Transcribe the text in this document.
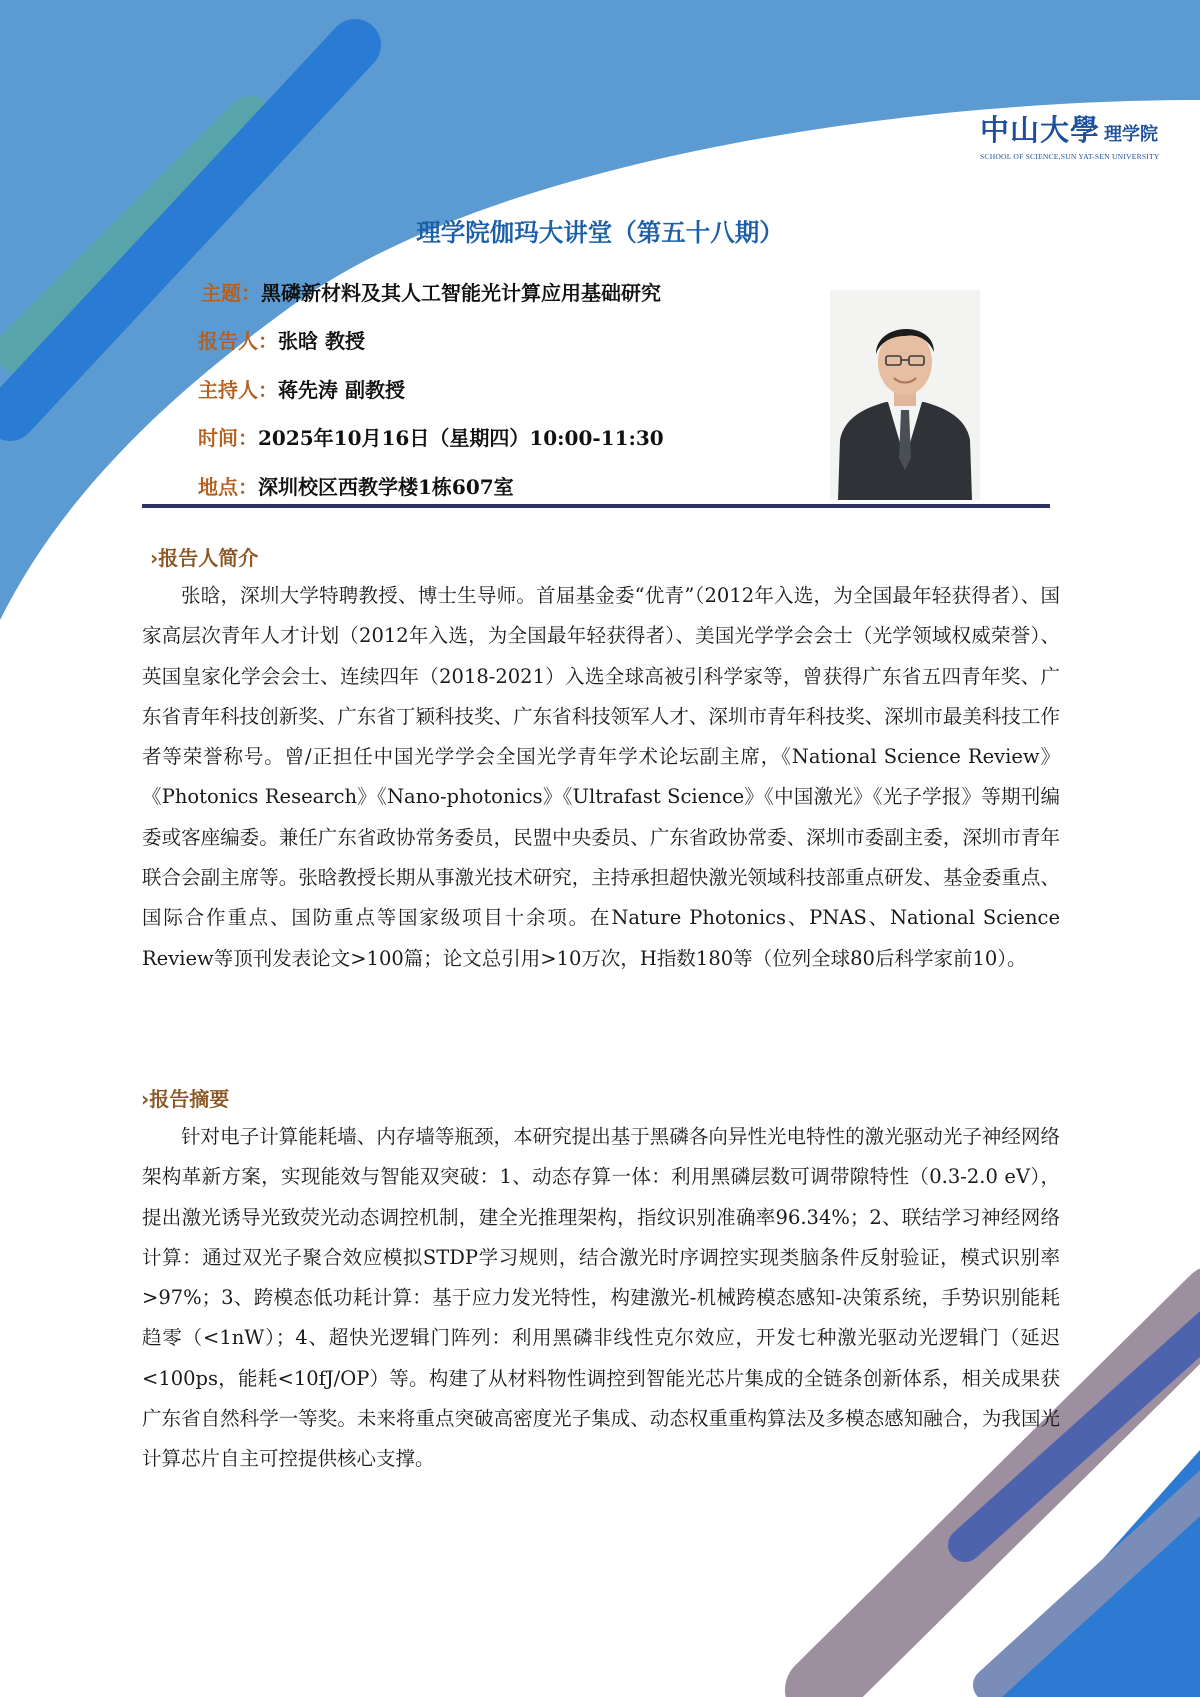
中山大學 理学院
SCHOOL OF SCIENCE,SUN YAT-SEN UNIVERSITY
理学院伽玛大讲堂（第五十八期）
主题：黑磷新材料及其人工智能光计算应用基础研究
报告人：张晗 教授
主持人：蒋先涛 副教授
时间：2025年10月16日（星期四）10:00-11:30
地点：深圳校区西教学楼1栋607室
›报告人简介

张晗，深圳大学特聘教授、博士生导师。首届基金委“优青”（2012年入选，为全国最年轻获得者）、国家高层次青年人才计划（2012年入选，为全国最年轻获得者）、美国光学学会会士（光学领域权威荣誉）、英国皇家化学会会士、连续四年（2018-2021）入选全球高被引科学家等，曾获得广东省五四青年奖、广东省青年科技创新奖、广东省丁颖科技奖、广东省科技领军人才、深圳市青年科技奖、深圳市最美科技工作者等荣誉称号。曾/正担任中国光学学会全国光学青年学术论坛副主席，《National Science Review》《Photonics Research》《Nano-photonics》《Ultrafast Science》《中国激光》《光子学报》等期刊编委或客座编委。兼任广东省政协常务委员，民盟中央委员、广东省政协常委、深圳市委副主委，深圳市青年联合会副主席等。张晗教授长期从事激光技术研究，主持承担超快激光领域科技部重点研发、基金委重点、国际合作重点、国防重点等国家级项目十余项。在Nature Photonics、PNAS、National Science Review等顶刊发表论文>100篇；论文总引用>10万次，H指数180等（位列全球80后科学家前10）。

›报告摘要

针对电子计算能耗墙、内存墙等瓶颈，本研究提出基于黑磷各向异性光电特性的激光驱动光子神经网络架构革新方案，实现能效与智能双突破：1、动态存算一体：利用黑磷层数可调带隙特性（0.3-2.0 eV），提出激光诱导光致荧光动态调控机制，建全光推理架构，指纹识别准确率96.34%；2、联结学习神经网络计算：通过双光子聚合效应模拟STDP学习规则，结合激光时序调控实现类脑条件反射验证，模式识别率 >97%；3、跨模态低功耗计算：基于应力发光特性，构建激光-机械跨模态感知-决策系统，手势识别能耗趋零（<1nW）；4、超快光逻辑门阵列：利用黑磷非线性克尔效应，开发七种激光驱动光逻辑门（延迟<100ps，能耗<10fJ/OP）等。构建了从材料物性调控到智能光芯片集成的全链条创新体系，相关成果获广东省自然科学一等奖。未来将重点突破高密度光子集成、动态权重重构算法及多模态感知融合，为我国光计算芯片自主可控提供核心支撑。
